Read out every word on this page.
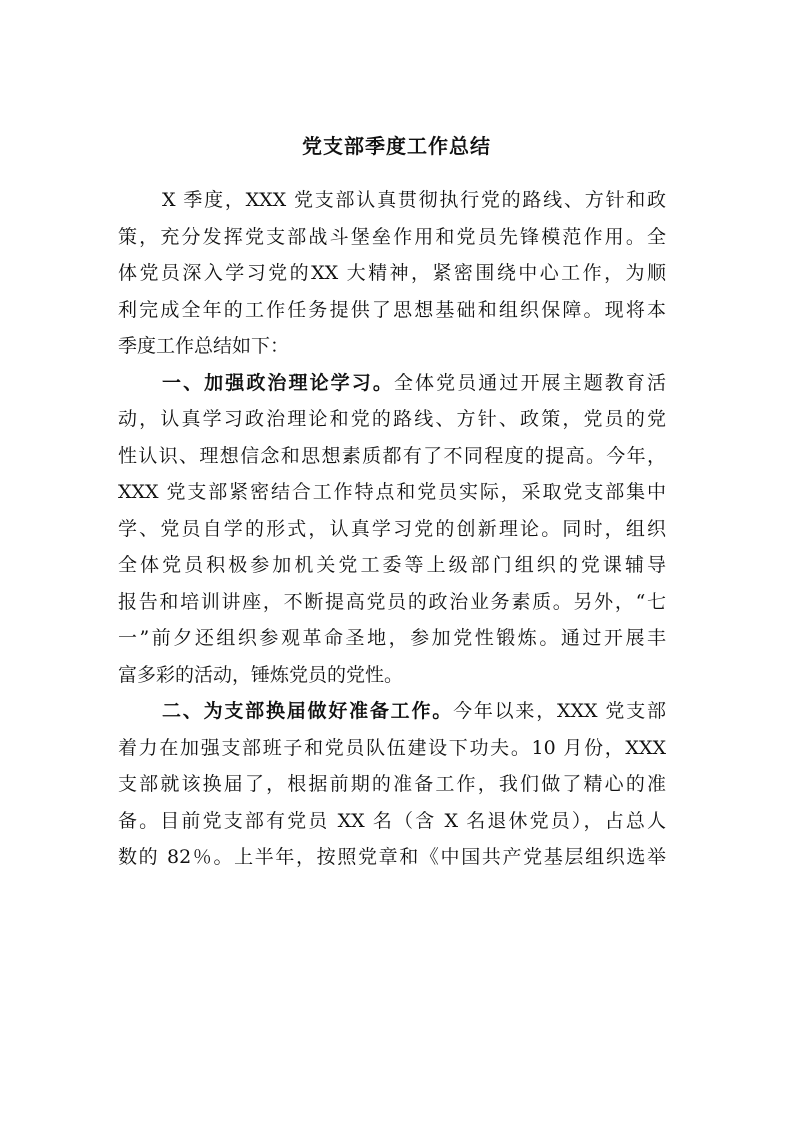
党支部季度工作总结
X 季度，XXX 党支部认真贯彻执行党的路线、方针和政
策，充分发挥党支部战斗堡垒作用和党员先锋模范作用。全
体党员深入学习党的XX 大精神，紧密围绕中心工作，为顺
利完成全年的工作任务提供了思想基础和组织保障。现将本
季度工作总结如下：
一、加强政治理论学习。全体党员通过开展主题教育活
动，认真学习政治理论和党的路线、方针、政策，党员的党
性认识、理想信念和思想素质都有了不同程度的提高。今年，
XXX 党支部紧密结合工作特点和党员实际，采取党支部集中
学、党员自学的形式，认真学习党的创新理论。同时，组织
全体党员积极参加机关党工委等上级部门组织的党课辅导
报告和培训讲座，不断提高党员的政治业务素质。另外，“七
一”前夕还组织参观革命圣地，参加党性锻炼。通过开展丰
富多彩的活动，锤炼党员的党性。
二、为支部换届做好准备工作。今年以来，XXX 党支部
着力在加强支部班子和党员队伍建设下功夫。10 月份，XXX
支部就该换届了，根据前期的准备工作，我们做了精心的准
备。目前党支部有党员 XX 名（含 X 名退休党员），占总人
数的 82％。上半年，按照党章和《中国共产党基层组织选举
